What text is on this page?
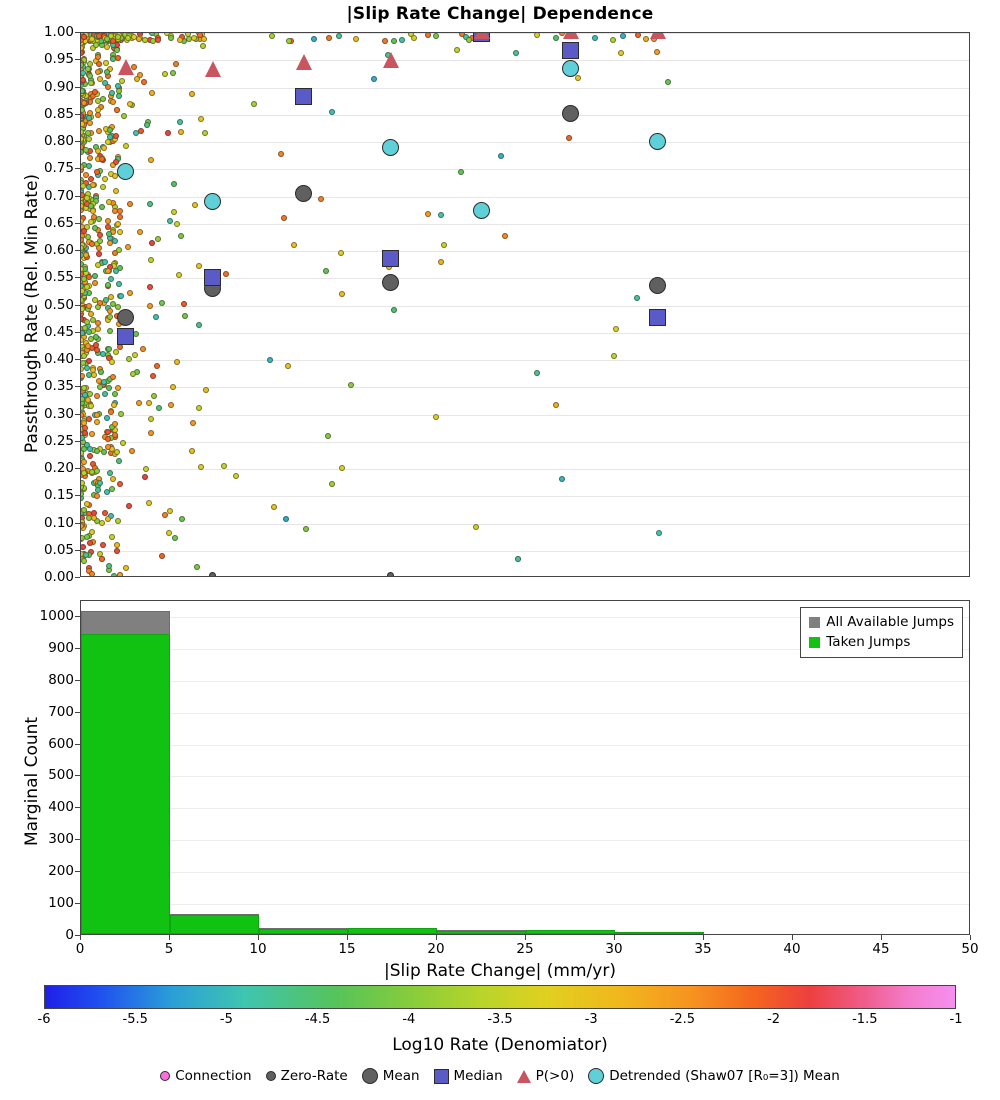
|Slip Rate Change| Dependence
0.00
0.05
0.10
0.15
0.20
0.25
0.30
0.35
0.40
0.45
0.50
0.55
0.60
0.65
0.70
0.75
0.80
0.85
0.90
0.95
1.00
Passthrough Rate (Rel. Min Rate)
All Available Jumps
Taken Jumps
0
100
200
300
400
500
600
700
800
900
1000
Marginal Count
0	5	10	15	20	25	30	35	40	45	50
|Slip Rate Change| (mm/yr)
-6	-5.5	-5	-4.5	-4	-3.5	-3	-2.5	-2	-1.5	-1
Log10 Rate (Denomiator)
Connection Zero-Rate	Mean	Median P(>0)	Detrended (Shaw07 [R₀=3]) Mean
